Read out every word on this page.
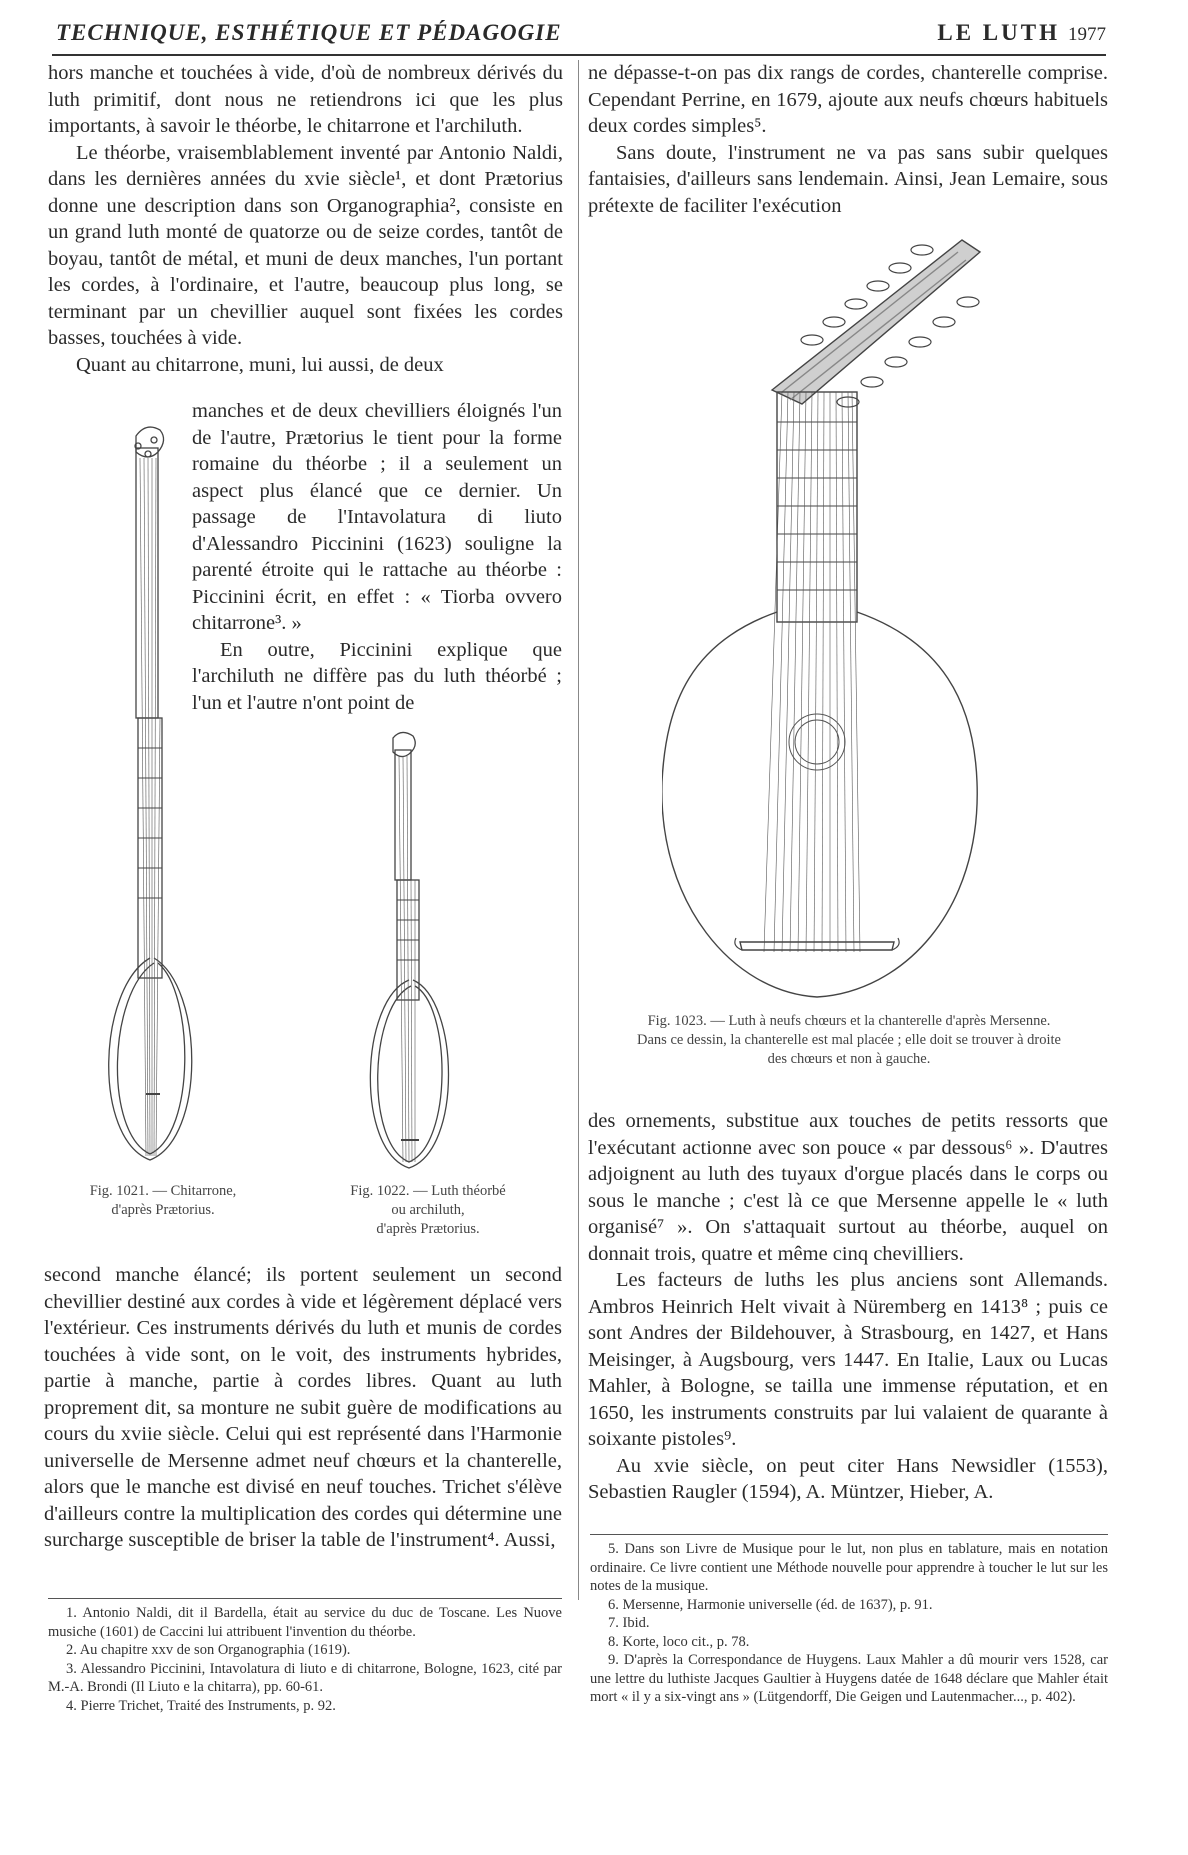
TECHNIQUE, ESTHÉTIQUE ET PÉDAGOGIE	LE LUTH 1977

hors manche et touchées à vide, d'où de nombreux dérivés du luth primitif, dont nous ne retiendrons ici que les plus importants, à savoir le théorbe, le chitarrone et l'archiluth.

Le théorbe, vraisemblablement inventé par Antonio Naldi, dans les dernières années du xvie siècle¹, et dont Prætorius donne une description dans son Organographia², consiste en un grand luth monté de quatorze ou de seize cordes, tantôt de boyau, tantôt de métal, et muni de deux manches, l'un portant les cordes, à l'ordinaire, et l'autre, beaucoup plus long, se terminant par un chevillier auquel sont fixées les cordes basses, touchées à vide.

Quant au chitarrone, muni, lui aussi, de deux

manches et de deux chevilliers éloignés l'un de l'autre, Prætorius le tient pour la forme romaine du théorbe ; il a seulement un aspect plus élancé que ce dernier. Un passage de l'Intavolatura di liuto d'Alessandro Piccinini (1623) souligne la parenté étroite qui le rattache au théorbe : Piccinini écrit, en effet : « Tiorba ovvero chitarrone³. »

En outre, Piccinini explique que l'archiluth ne diffère pas du luth théorbé ; l'un et l'autre n'ont point de

Fig. 1021. — Chitarrone,
d'après Prætorius.
Fig. 1022. — Luth théorbé
ou archiluth,
d'après Prætorius.

second manche élancé; ils portent seulement un second chevillier destiné aux cordes à vide et légèrement déplacé vers l'extérieur. Ces instruments dérivés du luth et munis de cordes touchées à vide sont, on le voit, des instruments hybrides, partie à manche, partie à cordes libres. Quant au luth proprement dit, sa monture ne subit guère de modifications au cours du xviie siècle. Celui qui est représenté dans l'Harmonie universelle de Mersenne admet neuf chœurs et la chanterelle, alors que le manche est divisé en neuf touches. Trichet s'élève d'ailleurs contre la multiplication des cordes qui détermine une surcharge susceptible de briser la table de l'instrument⁴. Aussi,

1. Antonio Naldi, dit il Bardella, était au service du duc de Toscane. Les Nuove musiche (1601) de Caccini lui attribuent l'invention du théorbe.

2. Au chapitre xxv de son Organographia (1619).

3. Alessandro Piccinini, Intavolatura di liuto e di chitarrone, Bologne, 1623, cité par M.-A. Brondi (Il Liuto e la chitarra), pp. 60-61.

4. Pierre Trichet, Traité des Instruments, p. 92.

ne dépasse-t-on pas dix rangs de cordes, chanterelle comprise. Cependant Perrine, en 1679, ajoute aux neufs chœurs habituels deux cordes simples⁵.

Sans doute, l'instrument ne va pas sans subir quelques fantaisies, d'ailleurs sans lendemain. Ainsi, Jean Lemaire, sous prétexte de faciliter l'exécution

Fig. 1023. — Luth à neufs chœurs et la chanterelle d'après Mersenne. Dans ce dessin, la chanterelle est mal placée ; elle doit se trouver à droite des chœurs et non à gauche.

des ornements, substitue aux touches de petits ressorts que l'exécutant actionne avec son pouce « par dessous⁶ ». D'autres adjoignent au luth des tuyaux d'orgue placés dans le corps ou sous le manche ; c'est là ce que Mersenne appelle le « luth organisé⁷ ». On s'attaquait surtout au théorbe, auquel on donnait trois, quatre et même cinq chevilliers.

Les facteurs de luths les plus anciens sont Allemands. Ambros Heinrich Helt vivait à Nüremberg en 1413⁸ ; puis ce sont Andres der Bildehouver, à Strasbourg, en 1427, et Hans Meisinger, à Augsbourg, vers 1447. En Italie, Laux ou Lucas Mahler, à Bologne, se tailla une immense réputation, et en 1650, les instruments construits par lui valaient de quarante à soixante pistoles⁹.

Au xvie siècle, on peut citer Hans Newsidler (1553), Sebastien Raugler (1594), A. Müntzer, Hieber, A.

5. Dans son Livre de Musique pour le lut, non plus en tablature, mais en notation ordinaire. Ce livre contient une Méthode nouvelle pour apprendre à toucher le lut sur les notes de la musique.

6. Mersenne, Harmonie universelle (éd. de 1637), p. 91.

7. Ibid.

8. Korte, loco cit., p. 78.

9. D'après la Correspondance de Huygens. Laux Mahler a dû mourir vers 1528, car une lettre du luthiste Jacques Gaultier à Huygens datée de 1648 déclare que Mahler était mort « il y a six-vingt ans » (Lütgendorff, Die Geigen und Lautenmacher..., p. 402).
